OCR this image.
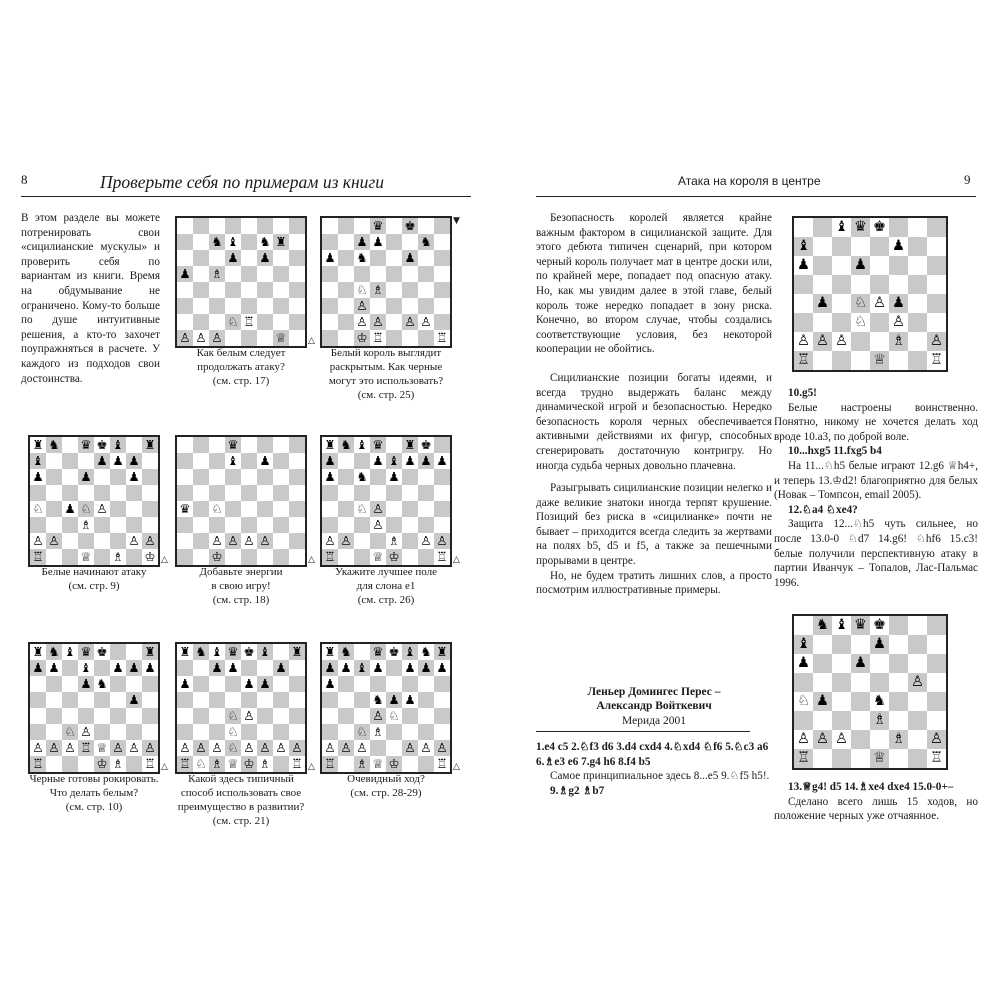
8	Проверьте себя по примерам из книги	Атака на короля в центре	9

В этом разделе вы можете потренировать свои «сицилианские мускулы» и проверить себя по вариантам из книги. Время на обдумывание не ограничено. Кому-то больше по душе интуитивные решения, а кто-то захочет поупражняться в расчете. У каждого из подходов свои достоинства.

Безопасность королей является крайне важным фактором в сицилианской защите. Для этого дебюта типичен сценарий, при котором черный король получает мат в центре доски или, по крайней мере, попадает под опасную атаку. Но, как мы увидим далее в этой главе, белый король тоже нередко попадает в зону риска. Конечно, во втором случае, чтобы создались соответствующие условия, без некоторой кооперации не обойтись.

Сицилианские позиции богаты идеями, и всегда трудно выдержать баланс между динамической игрой и безопасностью. Нередко безопасность короля черных обеспечивается активными действиями их фигур, способных сгенерировать достаточную контригру. Но иногда судьба черных довольно плачевна.

Разыгрывать сицилианские позиции нелегко и даже великие знатоки иногда терпят крушение. Позиций без риска в «сицилианке» почти не бывает – приходится всегда следить за жертвами на полях b5, d5 и f5, а также за пешечными прорывами в центре.

Но, не будем тратить лишних слов, а просто посмотрим иллюстративные примеры.

Леньер Домингес Перес –
Александр Войткевич
Мерида 2001

1.e4 c5 2.♘f3 d6 3.d4 cxd4 4.♘xd4 ♘f6 5.♘c3 a6 6.♗e3 e6 7.g4 h6 8.f4 b5

Самое принципиальное здесь 8...e5 9.♘f5 h5!.

9.♗g2 ♗b7

10.g5!

Белые настроены воинственно. Понятно, никому не хочется делать ход вроде 10.a3, по доброй воле.

10...hxg5 11.fxg5 b4

На 11...♘h5 белые играют 12.g6 ♕h4+, и теперь 13.♔d2! благоприятно для белых (Новак – Томпсон, email 2005).

12.♘a4 ♘xe4?

Защита 12...♘h5 чуть сильнее, но после 13.0-0 ♘d7 14.g6! ♘hf6 15.c3! белые получили перспективную атаку в партии Иванчук – Топалов, Лас-Пальмас 1996.

13.♕g4! d5 14.♗xe4 dxe4 15.0-0+–

Сделано всего лишь 15 ходов, но положение черных уже отчаянное.

♞ ♝ ♞ ♜
♟ ♟
♟ ♗
♘ ♖
♙ ♙ ♙	♕ △
Как белым следует
продолжать атаку?
(см. стр. 17)
♛ ♚
♟ ♟	♞
♟ ♞	♟
♘ ♗
♙
♙ ♙ ♙ ♙
♔ ♖	♖
▼
Белый король выглядит
раскрытым. Как черные
могут это использовать?
(см. стр. 25)
♜ ♞ ♛ ♚ ♝ ♜
♝	♟ ♟ ♟
♟	♟	♟
♘ ♟ ♘ ♙
♗
♙ ♙	♙ ♙
♖	♕ ♗ ♔ △
Белые начинают атаку
(см. стр. 9)
♛
♝ ♟
♛ ♘
♙ ♙ ♙ ♙
♔	△
Добавьте энергии
в свою игру!
(см. стр. 18)
♜ ♞ ♝ ♛ ♜ ♚
♟	♟ ♝ ♟ ♟ ♟
♟ ♞ ♟
♘ ♙
♙
♙ ♙	♗ ♙ ♙
♖	♕ ♔	♖ △
Укажите лучшее поле
для слона е1
(см. стр. 26)
♜ ♞ ♝ ♛ ♚	♜
♟ ♟ ♝ ♟ ♟ ♟
♟ ♞
♟
♘ ♙
♙ ♙ ♙ ♖ ♕ ♙ ♙ ♙
♖	♔ ♗ ♖ △
Черные готовы рокировать.
Что делать белым?
(см. стр. 10)
♜ ♞ ♝ ♛ ♚ ♝ ♜
♟ ♟	♟
♟	♟ ♟
♘ ♙
♘
♙ ♙ ♙ ♘ ♙ ♙ ♙ ♙
♖ ♘ ♗ ♕ ♔ ♗ ♖ △
Какой здесь типичный
способ использовать свое
преимущество в развитии?
(см. стр. 21)
♜ ♞ ♛ ♚ ♝ ♞ ♜
♟ ♟ ♝ ♟ ♟ ♟ ♟
♟
♞ ♟ ♟
♙ ♘
♘ ♗
♙ ♙ ♙	♙ ♙ ♙
♖ ♗ ♕ ♔	♖ △
Очевидный ход?
(см. стр. 28-29)
♝ ♛ ♚
♝	♟
♟	♟
♟ ♘ ♙ ♟
♘ ♙
♙ ♙ ♙	♗ ♙
♖	♕	♖
♞ ♝ ♛ ♚
♝	♟
♟	♟
♙
♘ ♟	♞
♗
♙ ♙ ♙	♗ ♙
♖	♕	♖
